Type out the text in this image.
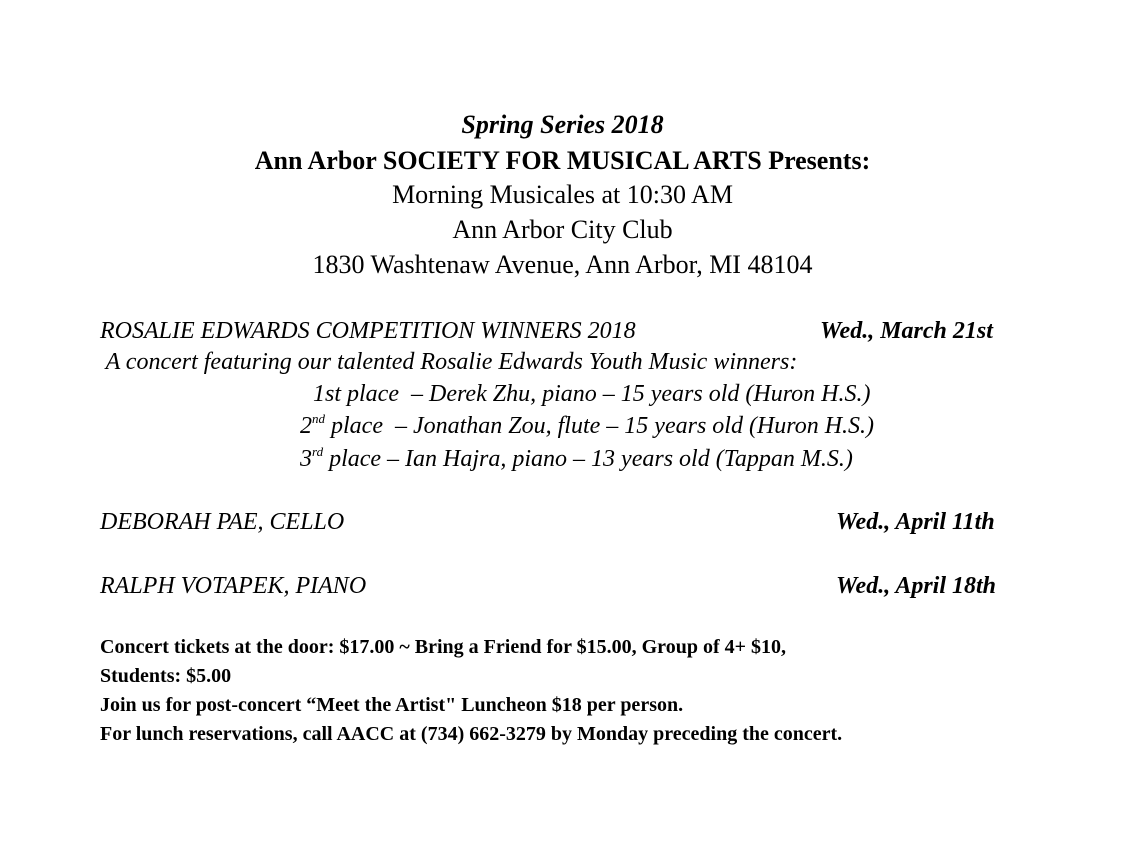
Spring Series 2018
Ann Arbor SOCIETY FOR MUSICAL ARTS Presents:
Morning Musicales at 10:30 AM
Ann Arbor City Club
1830 Washtenaw Avenue, Ann Arbor, MI 48104
ROSALIE EDWARDS COMPETITION WINNERS 2018	Wed., March 21st
A concert featuring our talented Rosalie Edwards Youth Music winners:
1st place  – Derek Zhu, piano – 15 years old (Huron H.S.)
2nd place  – Jonathan Zou, flute – 15 years old (Huron H.S.)
3rd place – Ian Hajra, piano – 13 years old (Tappan M.S.)
DEBORAH PAE, CELLO	Wed., April 11th
RALPH VOTAPEK, PIANO	Wed., April 18th
Concert tickets at the door: $17.00 ~ Bring a Friend for $15.00, Group of 4+ $10,
Students: $5.00
Join us for post-concert “Meet the Artist" Luncheon $18 per person.
For lunch reservations, call AACC at (734) 662-3279 by Monday preceding the concert.
